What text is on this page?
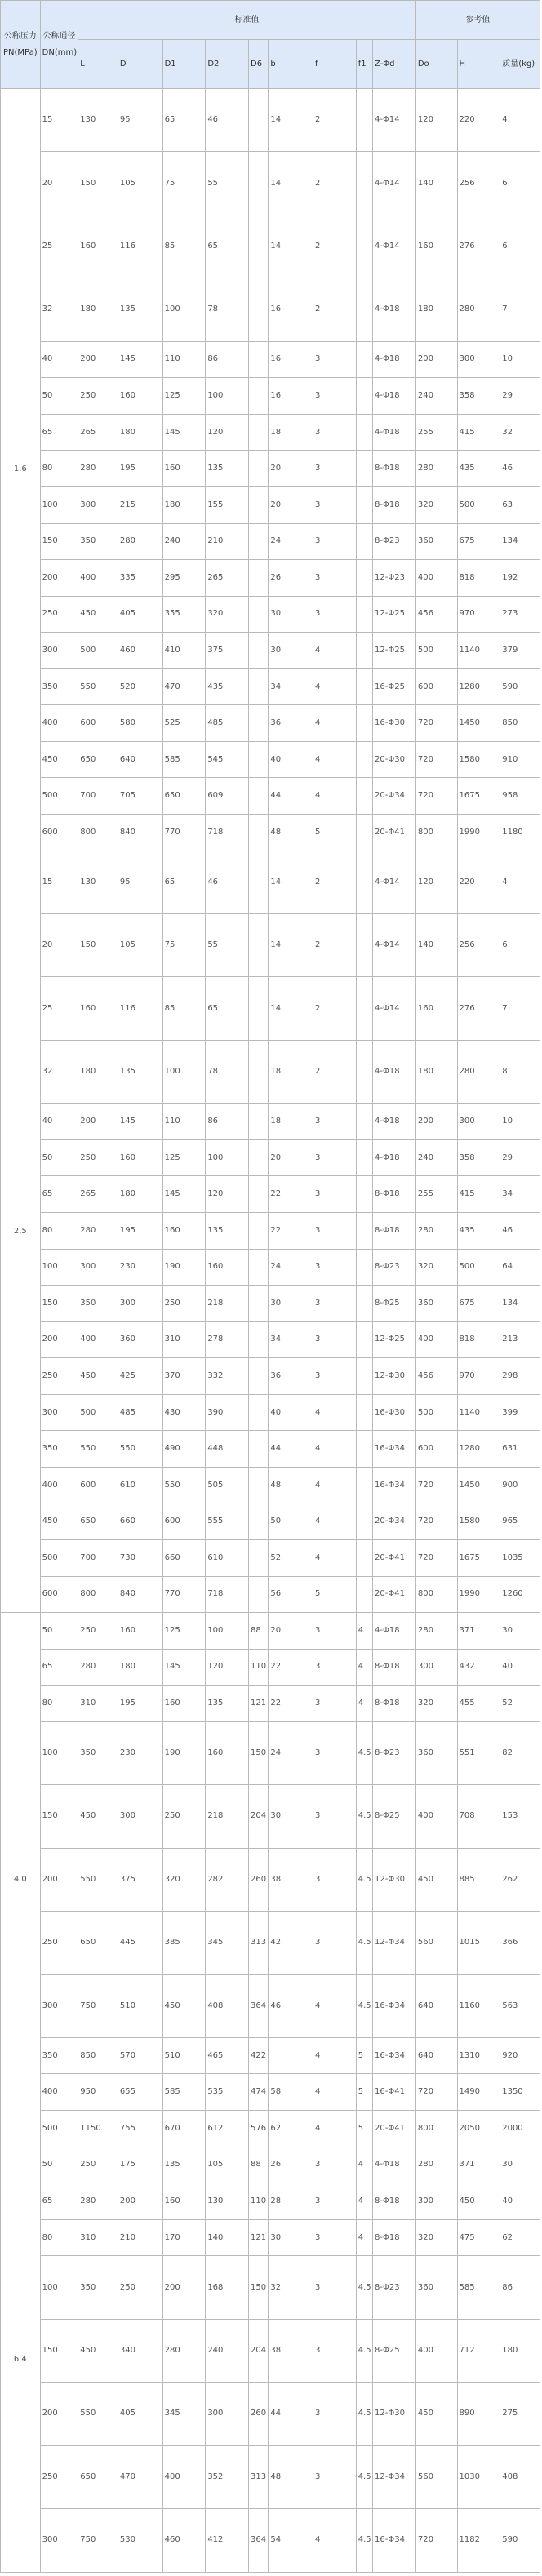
公称压力PN(MPa)	公称通径DN(mm)	标准值									参考值		
		L	D	D1	D2	D6	b	f	f1	Z-Φd	Do	H	质量(kg)
1.6	15	130	95	65	46		14	2		4-Φ14	120	220	4
	20	150	105	75	55		14	2		4-Φ14	140	256	6
	25	160	116	85	65		14	2		4-Φ14	160	276	6
	32	180	135	100	78		16	2		4-Φ18	180	280	7
	40	200	145	110	86		16	3		4-Φ18	200	300	10
	50	250	160	125	100		16	3		4-Φ18	240	358	29
	65	265	180	145	120		18	3		4-Φ18	255	415	32
	80	280	195	160	135		20	3		8-Φ18	280	435	46
	100	300	215	180	155		20	3		8-Φ18	320	500	63
	150	350	280	240	210		24	3		8-Φ23	360	675	134
	200	400	335	295	265		26	3		12-Φ23	400	818	192
	250	450	405	355	320		30	3		12-Φ25	456	970	273
	300	500	460	410	375		30	4		12-Φ25	500	1140	379
	350	550	520	470	435		34	4		16-Φ25	600	1280	590
	400	600	580	525	485		36	4		16-Φ30	720	1450	850
	450	650	640	585	545		40	4		20-Φ30	720	1580	910
	500	700	705	650	609		44	4		20-Φ34	720	1675	958
	600	800	840	770	718		48	5		20-Φ41	800	1990	1180
2.5	15	130	95	65	46		14	2		4-Φ14	120	220	4
	20	150	105	75	55		14	2		4-Φ14	140	256	6
	25	160	116	85	65		14	2		4-Φ14	160	276	7
	32	180	135	100	78		18	2		4-Φ18	180	280	8
	40	200	145	110	86		18	3		4-Φ18	200	300	10
	50	250	160	125	100		20	3		4-Φ18	240	358	29
	65	265	180	145	120		22	3		8-Φ18	255	415	34
	80	280	195	160	135		22	3		8-Φ18	280	435	46
	100	300	230	190	160		24	3		8-Φ23	320	500	64
	150	350	300	250	218		30	3		8-Φ25	360	675	134
	200	400	360	310	278		34	3		12-Φ25	400	818	213
	250	450	425	370	332		36	3		12-Φ30	456	970	298
	300	500	485	430	390		40	4		16-Φ30	500	1140	399
	350	550	550	490	448		44	4		16-Φ34	600	1280	631
	400	600	610	550	505		48	4		16-Φ34	720	1450	900
	450	650	660	600	555		50	4		20-Φ34	720	1580	965
	500	700	730	660	610		52	4		20-Φ41	720	1675	1035
	600	800	840	770	718		56	5		20-Φ41	800	1990	1260
4.0	50	250	160	125	100	88	20	3	4	4-Φ18	280	371	30
	65	280	180	145	120	110	22	3	4	8-Φ18	300	432	40
	80	310	195	160	135	121	22	3	4	8-Φ18	320	455	52
	100	350	230	190	160	150	24	3	4.5	8-Φ23	360	551	82
	150	450	300	250	218	204	30	3	4.5	8-Φ25	400	708	153
	200	550	375	320	282	260	38	3	4.5	12-Φ30	450	885	262
	250	650	445	385	345	313	42	3	4.5	12-Φ34	560	1015	366
	300	750	510	450	408	364	46	4	4.5	16-Φ34	640	1160	563
	350	850	570	510	465	422		4	5	16-Φ34	640	1310	920
	400	950	655	585	535	474	58	4	5	16-Φ41	720	1490	1350
	500	1150	755	670	612	576	62	4	5	20-Φ41	800	2050	2000
6.4	50	250	175	135	105	88	26	3	4	4-Φ18	280	371	30
	65	280	200	160	130	110	28	3	4	8-Φ18	300	450	40
	80	310	210	170	140	121	30	3	4	8-Φ18	320	475	62
	100	350	250	200	168	150	32	3	4.5	8-Φ23	360	585	86
	150	450	340	280	240	204	38	3	4.5	8-Φ25	400	712	180
	200	550	405	345	300	260	44	3	4.5	12-Φ30	450	890	275
	250	650	470	400	352	313	48	3	4.5	12-Φ34	560	1030	408
	300	750	530	460	412	364	54	4	4.5	16-Φ34	720	1182	590
